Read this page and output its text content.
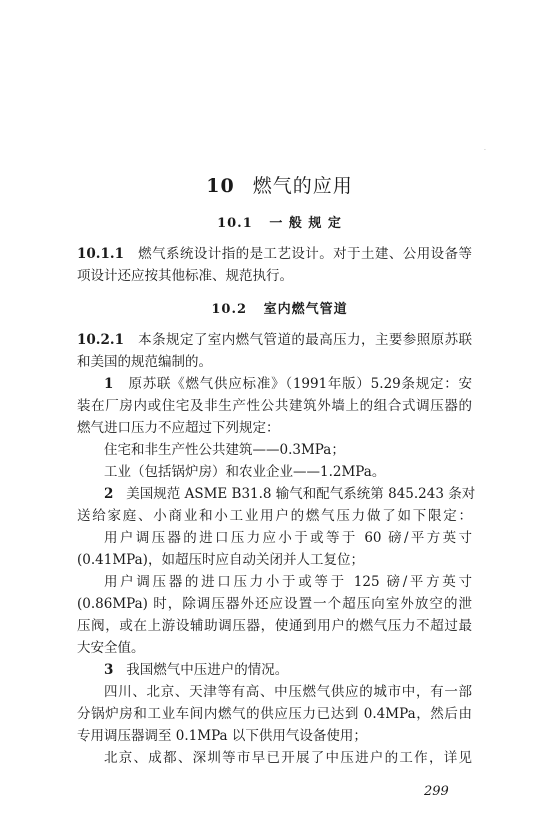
·
10 燃气的应用
10.1 一 般 规 定
10.1.1 燃气系统设计指的是工艺设计。对于土建、公用设备等
项设计还应按其他标准、规范执行。
10.2 室内燃气管道
10.2.1 本条规定了室内燃气管道的最高压力，主要参照原苏联
和美国的规范编制的。
1 原苏联《燃气供应标准》（1991年版）5.29条规定：安
装在厂房内或住宅及非生产性公共建筑外墙上的组合式调压器的
燃气进口压力不应超过下列规定：
住宅和非生产性公共建筑——0.3MPa；
工业（包括锅炉房）和农业企业——1.2MPa。
2 美国规范 ASME B31.8 输气和配气系统第 845.243 条对
送给家庭、小商业和小工业用户的燃气压力做了如下限定：
用户调压器的进口压力应小于或等于 60 磅/平方英寸
(0.41MPa)，如超压时应自动关闭并人工复位；
用户调压器的进口压力小于或等于 125 磅/平方英寸
(0.86MPa) 时，除调压器外还应设置一个超压向室外放空的泄
压阀，或在上游设辅助调压器，使通到用户的燃气压力不超过最
大安全值。
3 我国燃气中压进户的情况。
四川、北京、天津等有高、中压燃气供应的城市中，有一部
分锅炉房和工业车间内燃气的供应压力已达到 0.4MPa，然后由
专用调压器调至 0.1MPa 以下供用气设备使用；
北京、成都、深圳等市早已开展了中压进户的工作，详见
299
